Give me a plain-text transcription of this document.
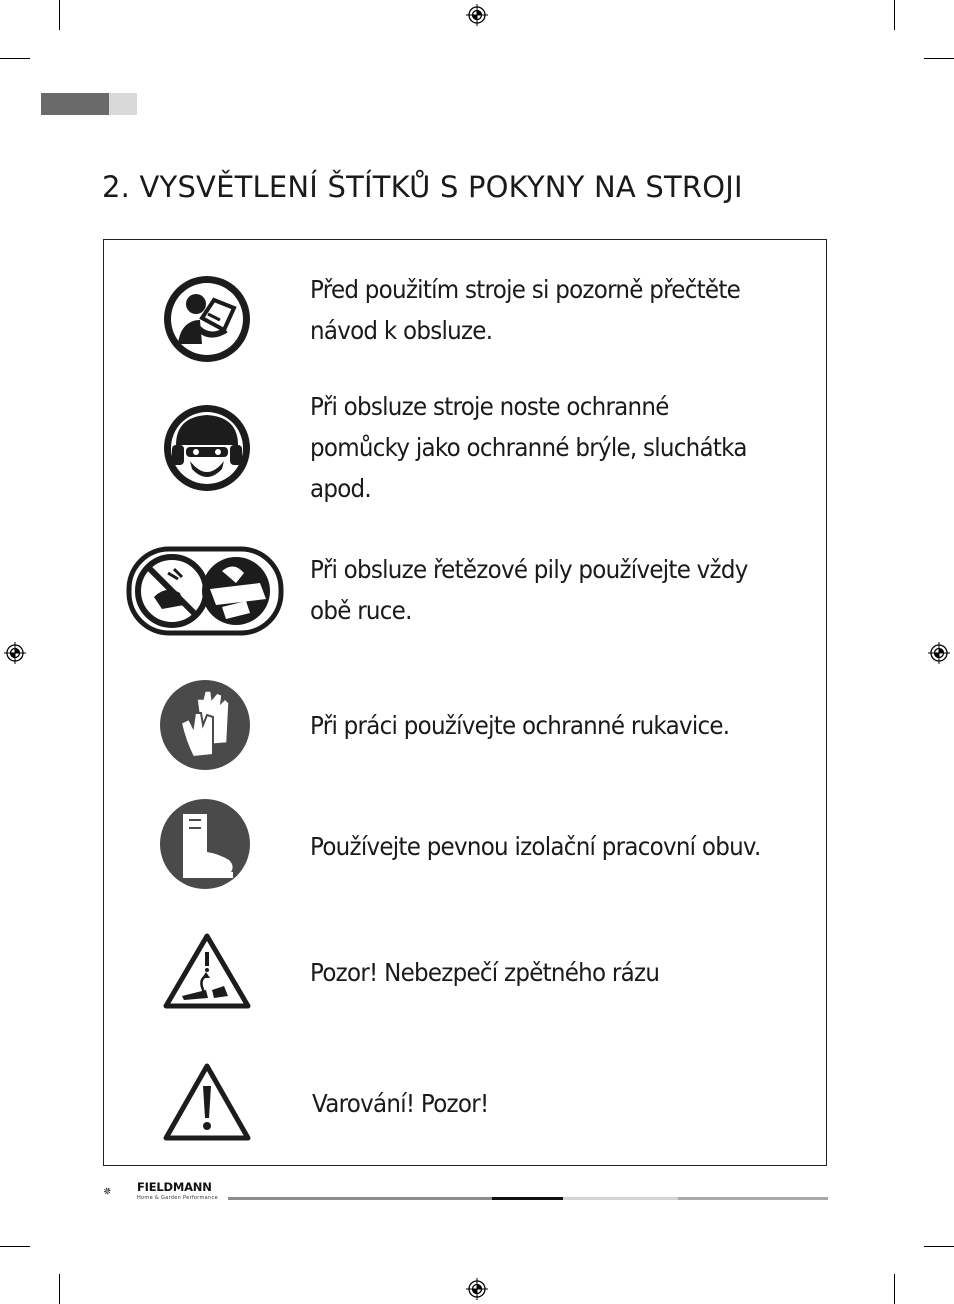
2. VYSVĚTLENÍ ŠTÍTKŮ S POKYNY NA STROJI

Před použitím stroje si pozorně přečtěte
návod k obsluze.

Při obsluze stroje noste ochranné
pomůcky jako ochranné brýle, sluchátka
apod.

Při obsluze řetězové pily používejte vždy
obě ruce.

Při práci používejte ochranné rukavice.

Používejte pevnou izolační pracovní obuv.

Pozor! Nebezpečí zpětného rázu

Varování! Pozor!

FIELDMANN

Home & Garden Performance
